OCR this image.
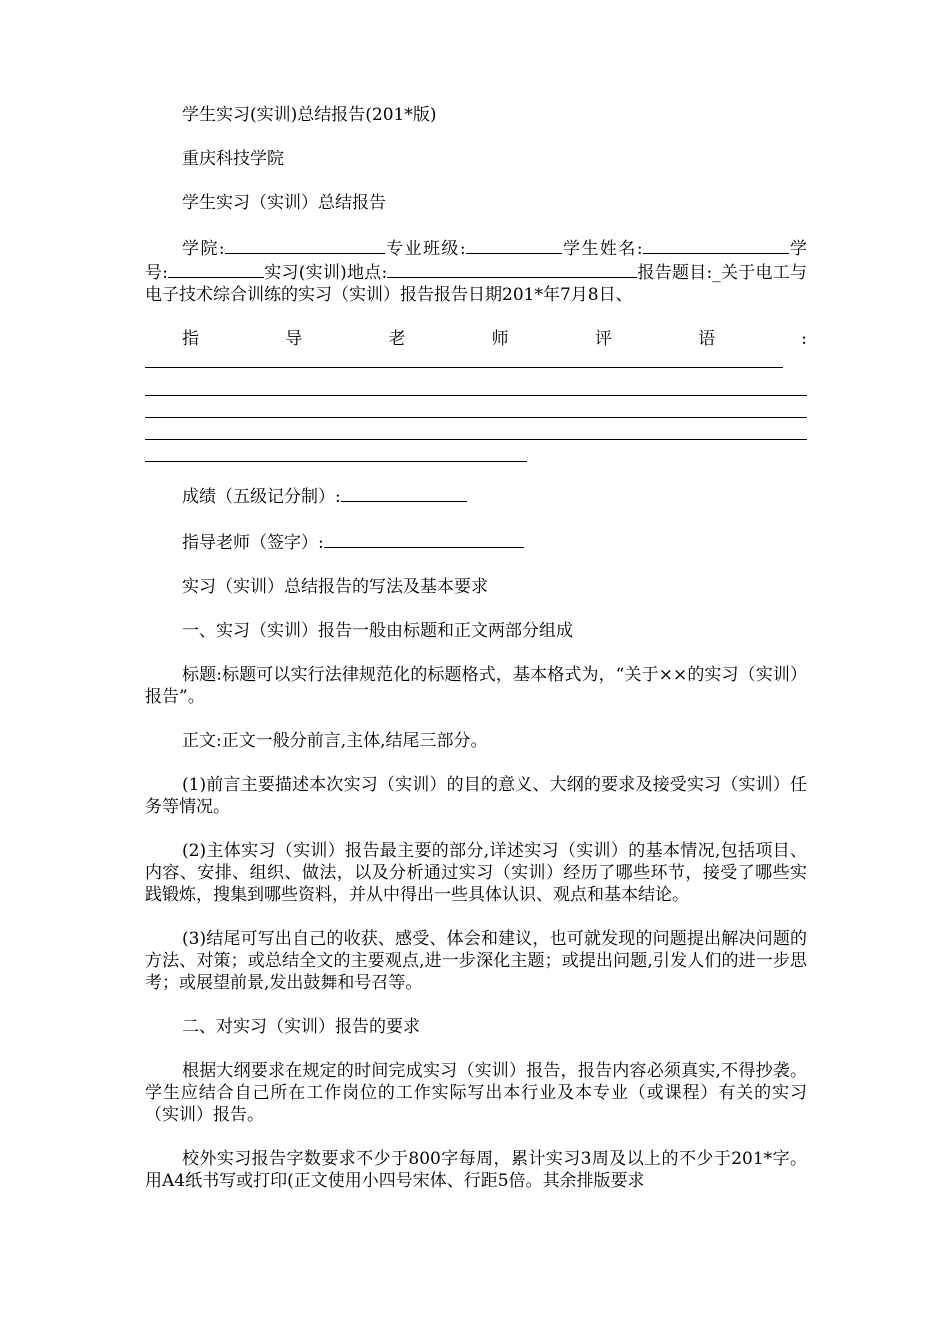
学生实习(实训)总结报告(201*版)

重庆科技学院

学生实习（实训）总结报告

学院:	专业班级:	学生姓名:	学号:	实习(实训)地点:	报告题目:_关于电工与电子技术综合训练的实习（实训）报告报告日期201*年7月8日、

指导老师评语:

成绩（五级记分制）:

指导老师（签字）:

实习（实训）总结报告的写法及基本要求

一、实习（实训）报告一般由标题和正文两部分组成

标题:标题可以实行法律规范化的标题格式，基本格式为，“关于××的实习（实训）报告”。

正文:正文一般分前言,主体,结尾三部分。

(1)前言主要描述本次实习（实训）的目的意义、大纲的要求及接受实习（实训）任务等情况。

(2)主体实习（实训）报告最主要的部分,详述实习（实训）的基本情况,包括项目、内容、安排、组织、做法，以及分析通过实习（实训）经历了哪些环节，接受了哪些实践锻炼，搜集到哪些资料，并从中得出一些具体认识、观点和基本结论。

(3)结尾可写出自己的收获、感受、体会和建议，也可就发现的问题提出解决问题的方法、对策；或总结全文的主要观点,进一步深化主题；或提出问题,引发人们的进一步思考；或展望前景,发出鼓舞和号召等。

二、对实习（实训）报告的要求

根据大纲要求在规定的时间完成实习（实训）报告，报告内容必须真实,不得抄袭。学生应结合自己所在工作岗位的工作实际写出本行业及本专业（或课程）有关的实习（实训）报告。

校外实习报告字数要求不少于800字每周，累计实习3周及以上的不少于201*字。用A4纸书写或打印(正文使用小四号宋体、行距5倍。其余排版要求
